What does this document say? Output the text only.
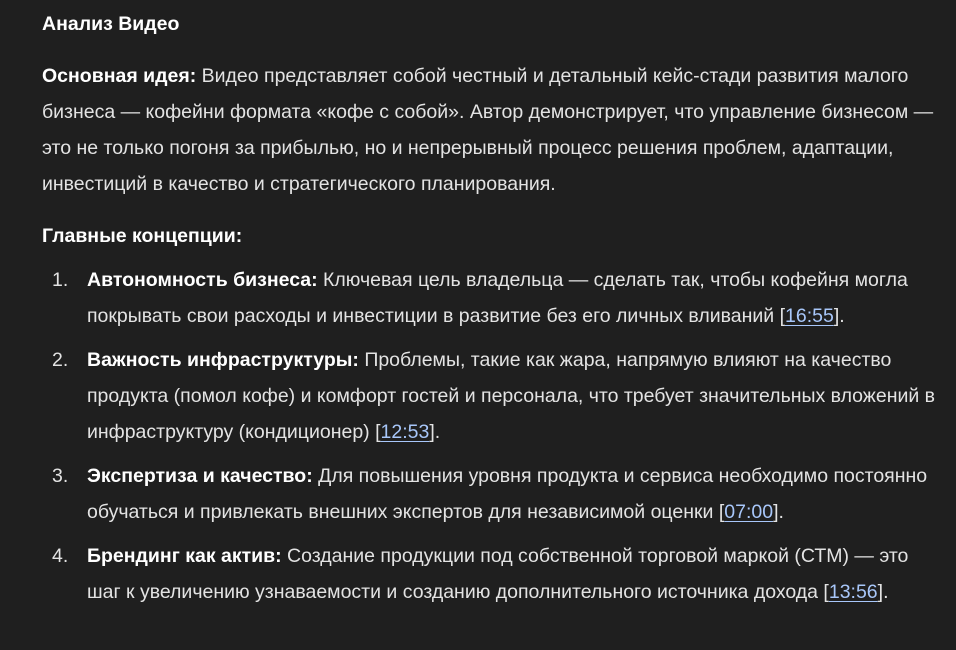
Анализ Видео

Основная идея: Видео представляет собой честный и детальный кейс-стади развития малого бизнеса — кофейни формата «кофе с собой». Автор демонстрирует, что управление бизнесом — это не только погоня за прибылью, но и непрерывный процесс решения проблем, адаптации, инвестиций в качество и стратегического планирования.

Главные концепции:
1. Автономность бизнеса: Ключевая цель владельца — сделать так, чтобы кофейня могла покрывать свои расходы и инвестиции в развитие без его личных вливаний [16:55].
2. Важность инфраструктуры: Проблемы, такие как жара, напрямую влияют на качество продукта (помол кофе) и комфорт гостей и персонала, что требует значительных вложений в инфраструктуру (кондиционер) [12:53].
3. Экспертиза и качество: Для повышения уровня продукта и сервиса необходимо постоянно обучаться и привлекать внешних экспертов для независимой оценки [07:00].
4. Брендинг как актив: Создание продукции под собственной торговой маркой (СТМ) — это шаг к увеличению узнаваемости и созданию дополнительного источника дохода [13:56].
